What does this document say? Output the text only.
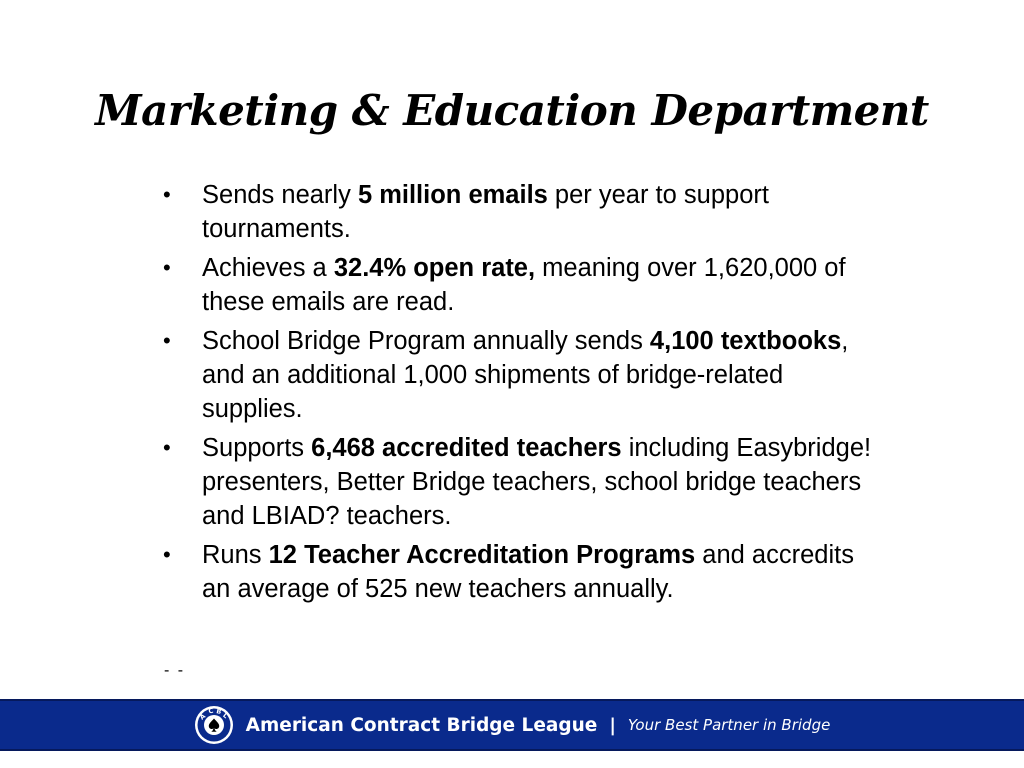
Marketing & Education Department
• Sends nearly 5 million emails per year to support tournaments.
• Achieves a 32.4% open rate, meaning over 1,620,000 of these emails are read.
• School Bridge Program annually sends 4,100 textbooks, and an additional 1,000 shipments of bridge-related supplies.
• Supports 6,468 accredited teachers including Easybridge! presenters, Better Bridge teachers, school bridge teachers and LBIAD? teachers.
• Runs 12 Teacher Accreditation Programs and accredits an average of 525 new teachers annually.
- -
A
C B L American Contract Bridge League | Your Best Partner in Bridge
